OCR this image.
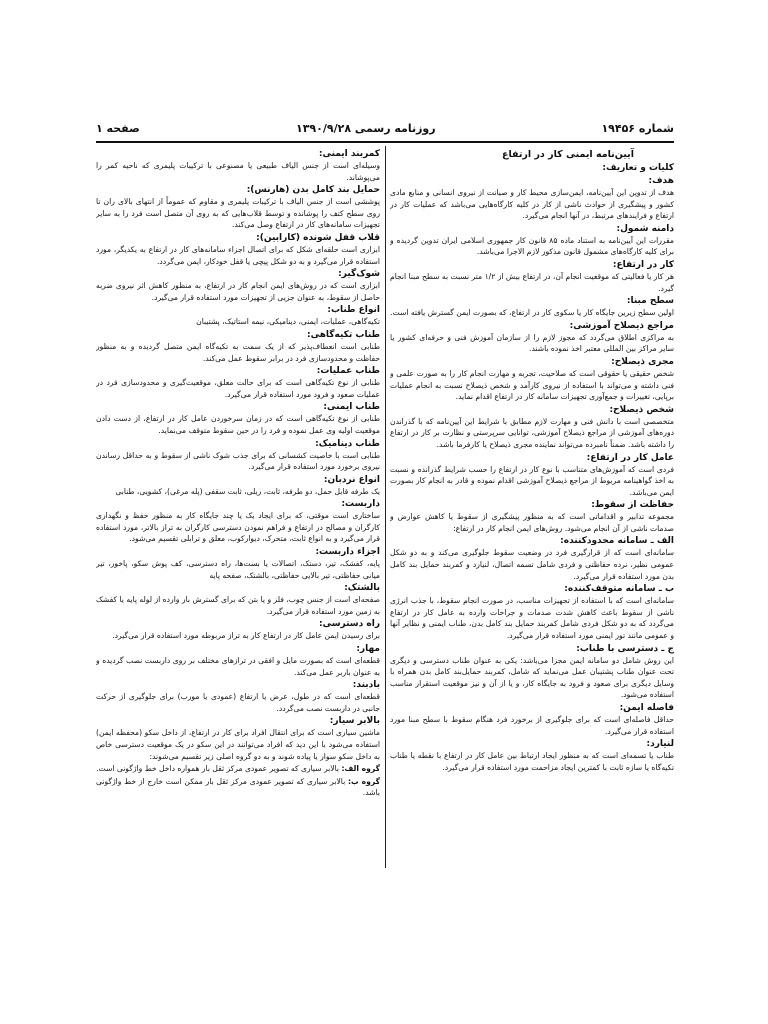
شماره ۱۹۴۵۶
روزنامه رسمی ۱۳۹۰/۹/۲۸
صفحه ۱
آیین‌نامه ایمنی کار در ارتفاع
کلیات و تعاریف:
هدف:
هدف از تدوین این آیین‌نامه، ایمن‌سازی محیط کار و صیانت از نیروی انسانی و منابع مادی کشور و پیشگیری از حوادث ناشی از کار در کلیه کارگاه‌هایی می‌باشد که عملیات کار در ارتفاع و فرایندهای مرتبط، در آنها انجام می‌گیرد.
دامنه شمول:
مقررات این آیین‌نامه به استناد ماده ۸۵ قانون کار جمهوری اسلامی ایران تدوین گردیده و برای کلیه کارگاه‌های مشمول قانون مذکور لازم الاجرا می‌باشد.
کار در ارتفاع:
هر کار یا فعالیتی که موقعیت انجام آن، در ارتفاع بیش از ۱/۲ متر نسبت به سطح مبنا انجام گیرد.
سطح مبنا:
اولین سطح زیرین جایگاه کار یا سکوی کار در ارتفاع، که بصورت ایمن گسترش یافته است.
مراجع ذیصلاح آموزشی:
به مراکزی اطلاق می‌گردد که مجوز لازم را از سازمان آموزش فنی و حرفه‌ای کشور یا سایر مراکز بین المللی معتبر اخذ نموده باشند.
مجری ذیصلاح:
شخص حقیقی یا حقوقی است که صلاحیت، تجربه و مهارت انجام کار را به صورت علمی و فنی داشته و می‌تواند با استفاده از نیروی کارآمد و شخص ذیصلاح نسبت به انجام عملیات برپایی، تغییرات و جمع‌آوری تجهیزات سامانه کار در ارتفاع اقدام نماید.
شخص ذیصلاح:
متخصصی است با دانش فنی و مهارت لازم مطابق با شرایط این آیین‌نامه که با گذراندن دوره‌های آموزشی از مراجع ذیصلاح آموزشی، توانایی سرپرستی و نظارت بر کار در ارتفاع را داشته باشد. ضمناً نامبرده می‌تواند نماینده مجری ذیصلاح یا کارفرما باشد.
عامل کار در ارتفاع:
فردی است که آموزش‌های متناسب با نوع کار در ارتفاع را حسب شرایط گذرانده و نسبت به اخذ گواهینامه مربوط از مراجع ذیصلاح آموزشی اقدام نموده و قادر به انجام کار بصورت ایمن می‌باشد.
حفاظت از سقوط:
مجموعه تدابیر و اقداماتی است که به منظور پیشگیری از سقوط یا کاهش عوارض و صدمات ناشی از آن انجام می‌شود. روش‌های ایمن انجام کار در ارتفاع:
الف ـ سامانه محدودکننده:
سامانه‌ای است که از قرارگیری فرد در وضعیت سقوط جلوگیری می‌کند و به دو شکل عمومی نظیر، نرده حفاظتی و فردی شامل تسمه اتصال، لنیارد و کمربند حمایل بند کامل بدن مورد استفاده قرار می‌گیرد.
ب ـ سامانه متوقف‌کننده:
سامانه‌ای است که با استفاده از تجهیزات مناسب، در صورت انجام سقوط، با جذب انرژی ناشی از سقوط باعث کاهش شدت صدمات و جراحات وارده به عامل کار در ارتفاع می‌گردد که به دو شکل فردی شامل کمربند حمایل بند کامل بدن، طناب ایمنی و نظایر آنها و عمومی مانند تور ایمنی مورد استفاده قرار می‌گیرد.
ج ـ دسترسی با طناب:
این روش شامل دو سامانه ایمن مجزا می‌باشد: یکی به عنوان طناب دسترسی و دیگری تحت عنوان طناب پشتیبان عمل می‌نماید که شامل، کمربند حمایل‌بند کامل بدن همراه با وسایل دیگری برای صعود و فرود به جایگاه کار، و یا از آن و نیز موقعیت استقرار مناسب استفاده می‌شود.
فاصله ایمن:
حداقل فاصله‌ای است که برای جلوگیری از برخورد فرد هنگام سقوط با سطح مبنا مورد استفاده قرار می‌گیرد.
لنیارد:
طناب یا تسمه‌ای است که به منظور ایجاد ارتباط بین عامل کار در ارتفاع با نقطه یا طناب تکیه‌گاه یا سازه ثابت با کمترین ایجاد مزاحمت مورد استفاده قرار می‌گیرد.
کمربند ایمنی:
وسیله‌ای است از جنس الیاف طبیعی یا مصنوعی با ترکیبات پلیمری که ناحیه کمر را می‌پوشاند.
حمایل بند کامل بدن (هارنس):
پوششی است از جنس الیاف با ترکیبات پلیمری و مقاوم که عموماً از انتهای بالای ران تا روی سطح کتف را پوشانده و توسط قلاب‌هایی که به روی آن متصل است فرد را به سایر تجهیزات سامانه‌های کار در ارتفاع وصل می‌کند.
قلاب قفل شونده (کارابین):
ابزاری است حلقه‌ای شکل که برای اتصال اجزاء سامانه‌های کار در ارتفاع به یکدیگر، مورد استفاده قرار می‌گیرد و به دو شکل پیچی یا قفل خودکار، ایمن می‌گردد.
شوک‌گیر:
ابزاری است که در روش‌های ایمن انجام کار در ارتفاع، به منظور کاهش اثر نیروی ضربه حاصل از سقوط، به عنوان جزیی از تجهیزات مورد استفاده قرار می‌گیرد.
انواع طناب:
تکیه‌گاهی، عملیات، ایمنی، دینامیکی، نیمه استاتیک، پشتیبان
طناب تکیه‌گاهی:
طنابی است انعطاف‌پذیر که از یک سمت به تکیه‌گاه ایمن متصل گردیده و به منظور حفاظت و محدودسازی فرد در برابر سقوط عمل می‌کند.
طناب عملیات:
طنابی از نوع تکیه‌گاهی است که برای حالت معلق، موقعیت‌گیری و محدودسازی فرد در عملیات صعود و فرود مورد استفاده قرار می‌گیرد.
طناب ایمنی:
طنابی از نوع تکیه‌گاهی است که در زمان سرخوردن عامل کار در ارتفاع، از دست دادن موقعیت اولیه وی عمل نموده و فرد را در حین سقوط متوقف می‌نماید.
طناب دینامیک:
طنابی است با خاصیت کشسانی که برای جذب شوک ناشی از سقوط و به حداقل رساندن نیروی برخورد مورد استفاده قرار می‌گیرد.
انواع نردبان:
یک طرفه قابل حمل، دو طرفه، ثابت، ریلی، ثابت سقفی (پله مرغی)، کشویی، طنابی
داربست:
ساختاری است موقتی، که برای ایجاد یک یا چند جایگاه کار به منظور حفظ و نگهداری کارگران و مصالح در ارتفاع و فراهم نمودن دسترسی کارگران به تراز بالاتر، مورد استفاده قرار می‌گیرد و به انواع ثابت، متحرک، دیوارکوب، معلق و ترابلی تقسیم می‌شود.
اجزاء داربست:
پایه، کفشک، تیر، دستک، اتصالات یا بست‌ها، راه دسترسی، کف پوش سکو، پاخور، تیر میانی حفاظتی، تیر بالایی حفاظتی، بالشتک، صفحه پایه
بالشتک:
صفحه‌ای است از جنس چوب، فلز و یا بتن که برای گسترش بار وارده از لوله پایه یا کفشک به زمین مورد استفاده قرار می‌گیرد.
راه دسترسی:
برای رسیدن ایمن عامل کار در ارتفاع کار به تراز مربوطه مورد استفاده قرار می‌گیرد.
مهار:
قطعه‌ای است که بصورت مایل و افقی در ترازهای مختلف بر روی داربست نصب گردیده و به عنوان باربر عمل می‌کند.
بادبند:
قطعه‌ای است که در طول، عرض یا ارتفاع (عمودی یا مورب) برای جلوگیری از حرکت جانبی در داربست نصب می‌گردد.
بالابر سیار:
ماشین سیاری است که برای انتقال افراد برای کار در ارتفاع، از داخل سکو (محفظه ایمن) استفاده می‌شود با این دید که افراد می‌توانند در این سکو در یک موقعیت دسترسی خاص به داخل سکو سوار یا پیاده شوند و به دو گروه اصلی زیر تقسیم می‌شوند:
گروه الف: بالابر سیاری که تصویر عمودی مرکز ثقل بار همواره داخل خط واژگونی است.
گروه ب: بالابر سیاری که تصویر عمودی مرکز ثقل بار ممکن است خارج از خط واژگونی باشد.
